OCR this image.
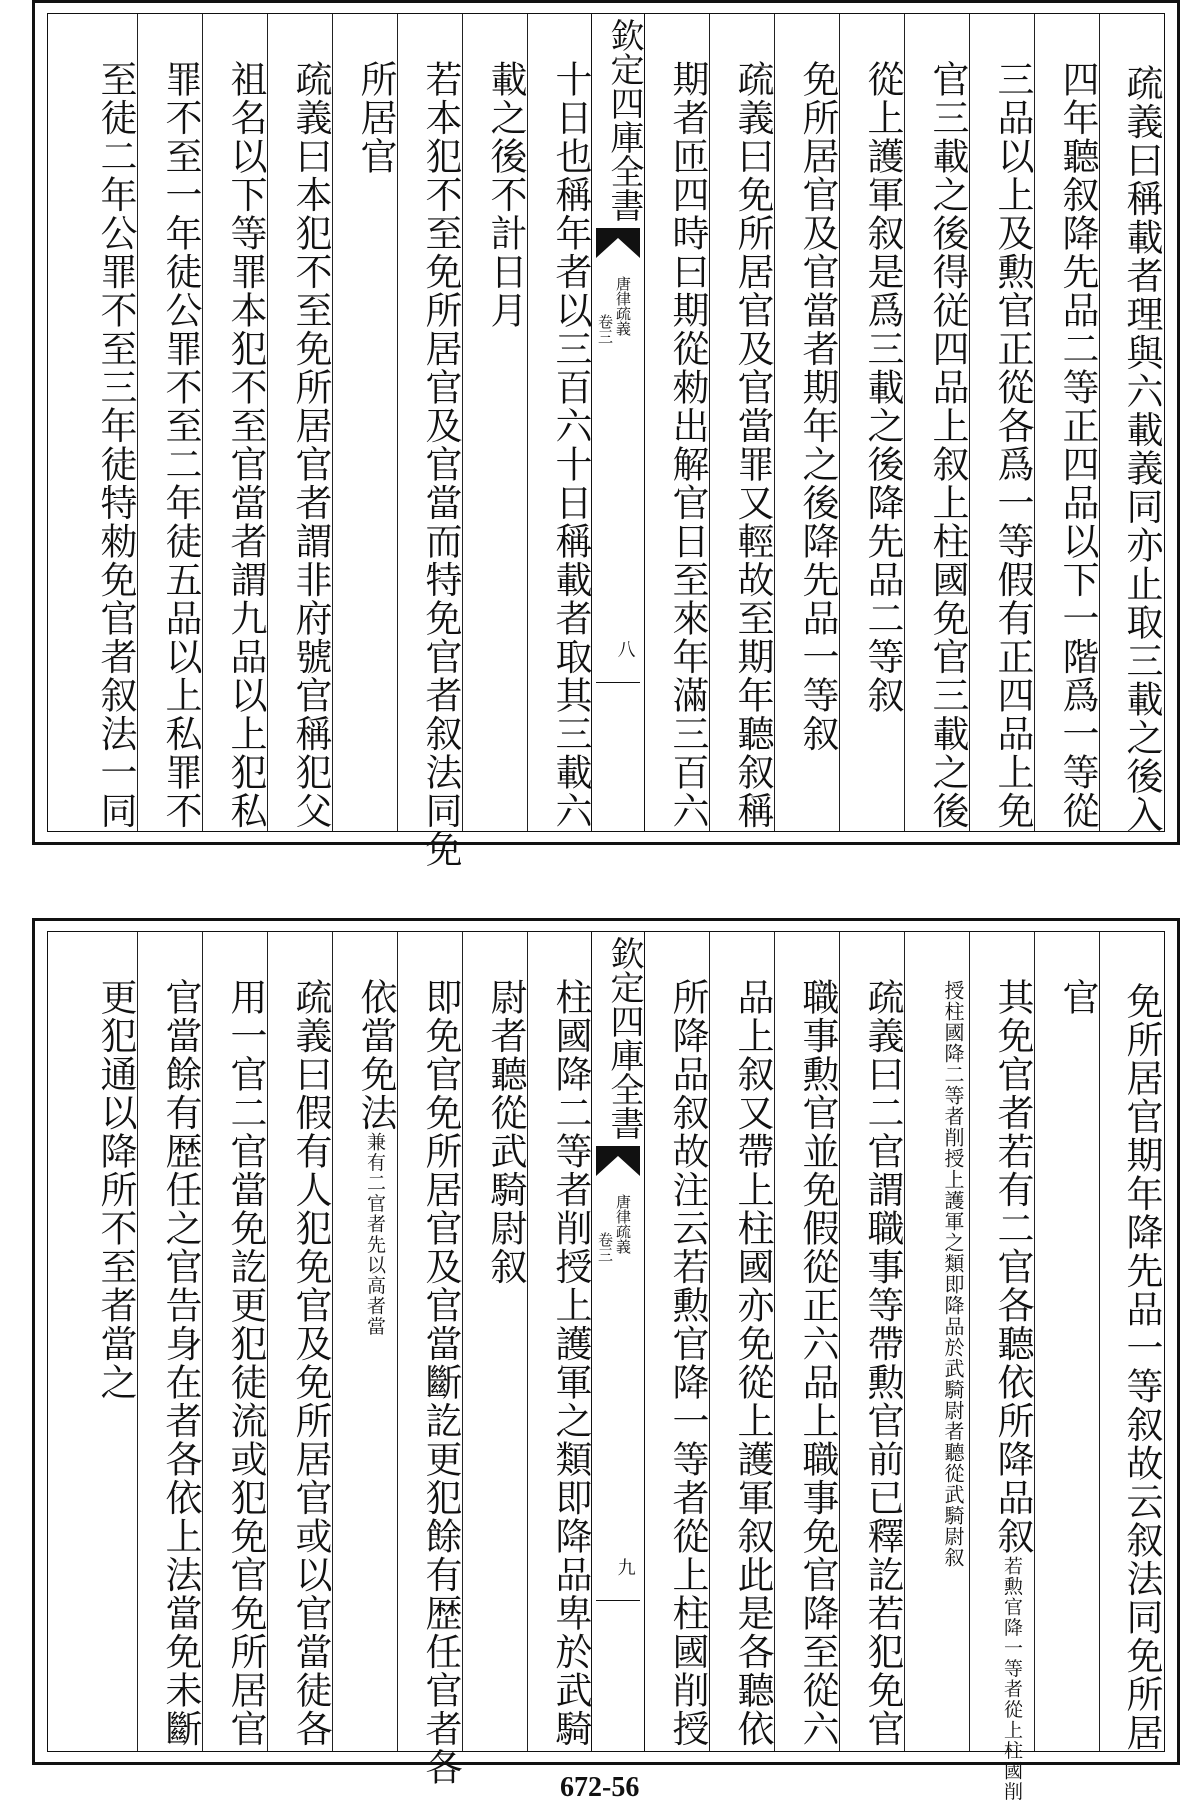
疏義曰稱載者理與六載義同亦止取三載之後入
四年聽叙降先品二等正四品以下一階爲一等從
三品以上及勲官正從各爲一等假有正四品上免
官三載之後得従四品上叙上柱國免官三載之後
從上護軍叙是爲三載之後降先品二等叙
免所居官及官當者期年之後降先品一等叙
疏義曰免所居官及官當罪又輕故至期年聽叙稱
期者匝四時曰期從勑出解官日至來年滿三百六
欽定四庫全書
唐律疏義
卷三
八
十日也稱年者以三百六十日稱載者取其三載六
載之後不計日月
若本犯不至免所居官及官當而特免官者叙法同免
所居官
疏義曰本犯不至免所居官者謂非府號官稱犯父
祖名以下等罪本犯不至官當者謂九品以上犯私
罪不至一年徒公罪不至二年徒五品以上私罪不
至徒二年公罪不至三年徒特勑免官者叙法一同
免所居官期年降先品一等叙故云叙法同免所居
官
其免官者若有二官各聽依所降品叙若勲官降一等者從上柱國削
授柱國降二等者削授上護軍之類即降品於武騎尉者聽從武騎尉叙
疏義曰二官謂職事等帶勲官前已釋訖若犯免官
職事勲官並免假從正六品上職事免官降至從六
品上叙又帶上柱國亦免從上護軍叙此是各聽依
所降品叙故注云若勲官降一等者從上柱國削授
欽定四庫全書
唐律疏義
卷三
九
柱國降二等者削授上護軍之類即降品卑於武騎
尉者聽從武騎尉叙
即免官免所居官及官當斷訖更犯餘有歴任官者各
依當免法兼有二官者先以高者當
疏義曰假有人犯免官及免所居官或以官當徒各
用一官二官當免訖更犯徒流或犯免官免所居官
官當餘有歴任之官告身在者各依上法當免未斷
更犯通以降所不至者當之
672-56
